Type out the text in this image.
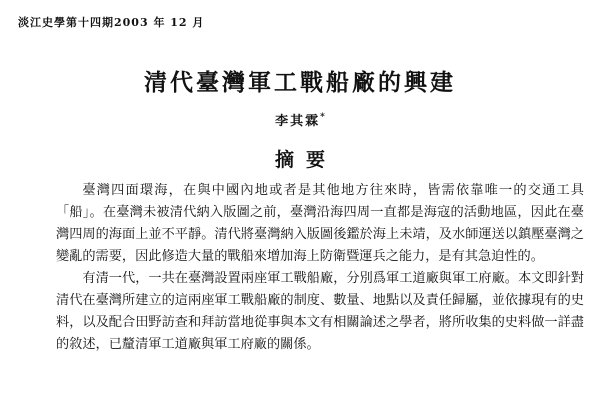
淡江史學第十四期2003 年 12 月
清代臺灣軍工戰船廠的興建
李其霖*
摘要

臺灣四面環海，在與中國內地或者是其他地方往來時，皆需依靠唯一的交通工具「船」。在臺灣未被清代納入版圖之前，臺灣沿海四周一直都是海寇的活動地區，因此在臺灣四周的海面上並不平靜。清代將臺灣納入版圖後鑑於海上未靖，及水師運送以鎮壓臺灣之變亂的需要，因此修造大量的戰船來增加海上防衛暨運兵之能力，是有其急迫性的。

有清一代，一共在臺灣設置兩座軍工戰船廠，分別爲軍工道廠與軍工府廠。本文即針對清代在臺灣所建立的這兩座軍工戰船廠的制度、數量、地點以及責任歸屬，並依據現有的史料，以及配合田野訪查和拜訪當地從事與本文有相關論述之學者，將所收集的史料做一詳盡的敘述，已釐清軍工道廠與軍工府廠的關係。
